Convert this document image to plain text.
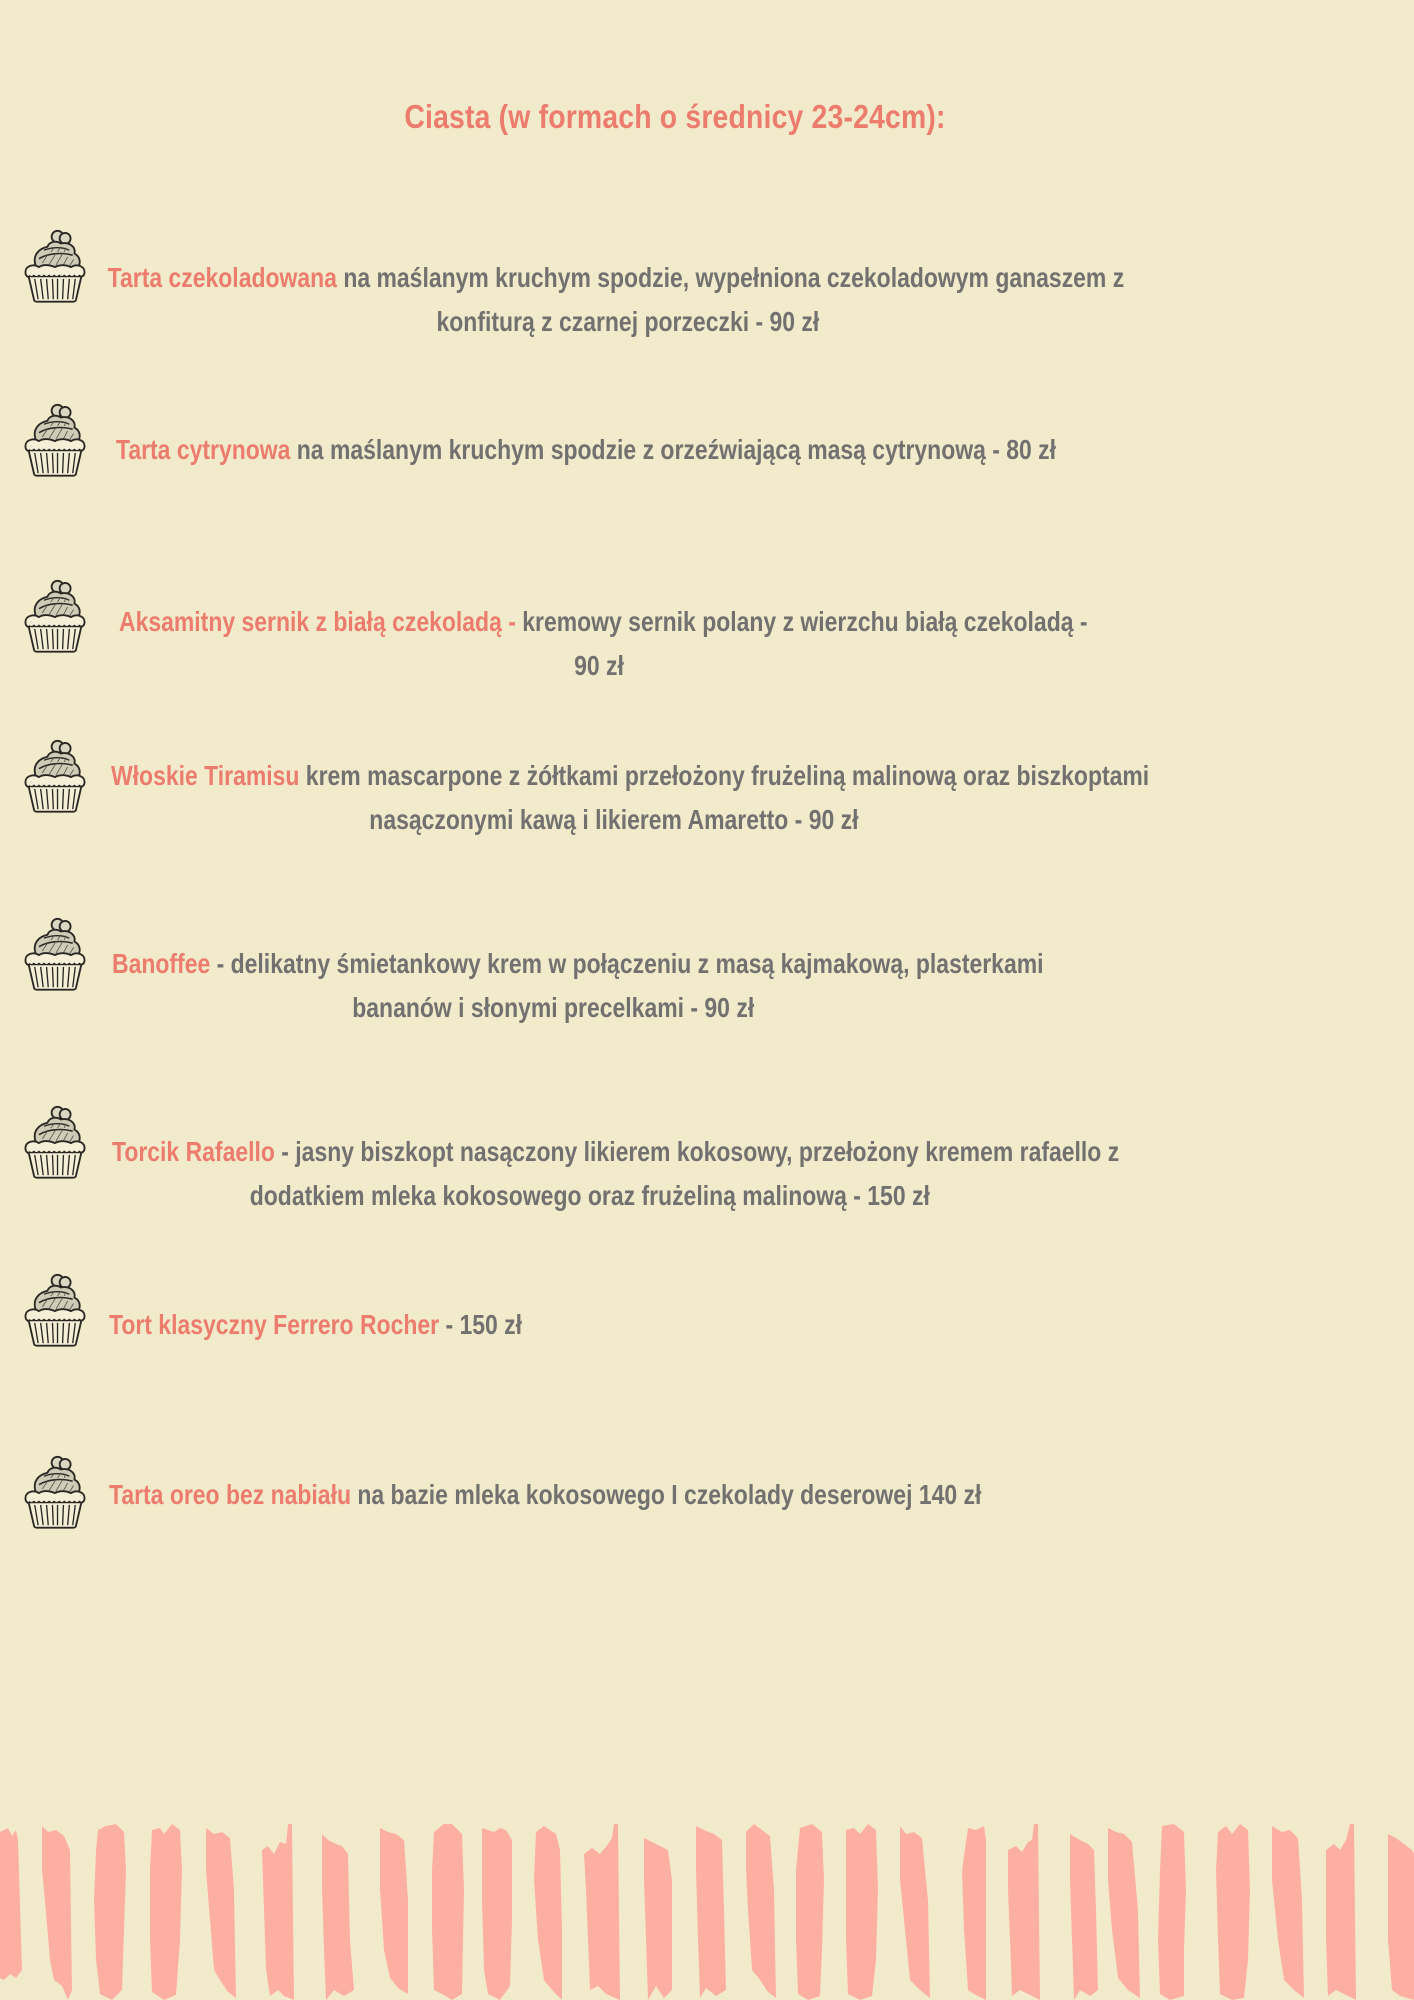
Ciasta (w formach o średnicy 23-24cm):
Tarta czekoladowana na maślanym kruchym spodzie, wypełniona czekoladowym ganaszem z
konfiturą z czarnej porzeczki - 90 zł
Tarta cytrynowa na maślanym kruchym spodzie z orzeźwiającą masą cytrynową - 80 zł
Aksamitny sernik z białą czekoladą - kremowy sernik polany z wierzchu białą czekoladą -
90 zł
Włoskie Tiramisu krem mascarpone z żółtkami przełożony frużeliną malinową oraz biszkoptami
nasączonymi kawą i likierem Amaretto - 90 zł
Banoffee - delikatny śmietankowy krem w połączeniu z masą kajmakową, plasterkami
bananów i słonymi precelkami - 90 zł
Torcik Rafaello - jasny biszkopt nasączony likierem kokosowy, przełożony kremem rafaello z
dodatkiem mleka kokosowego oraz frużeliną malinową - 150 zł
Tort klasyczny Ferrero Rocher - 150 zł
Tarta oreo bez nabiału na bazie mleka kokosowego I czekolady deserowej 140 zł
